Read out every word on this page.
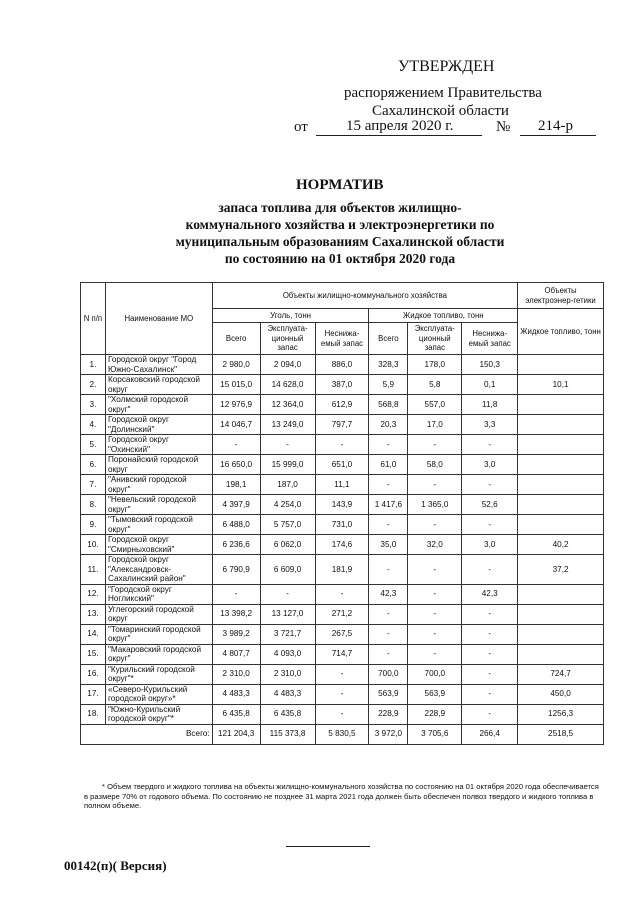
УТВЕРЖДЕН
распоряжением Правительства
Сахалинской области
от	15 апреля 2020 г.	№ 214-р
НОРМАТИВ
запаса топлива для объектов жилищно-
коммунального хозяйства и электроэнергетики по
муниципальным образованиям Сахалинской области
по состоянию на 01 октября 2020 года
N п/п	Наименование МО	Объекты жилищно-коммунального хозяйства						Объекты электроэнер-гетики
		Уголь, тонн			Жидкое топливо, тонн			Жидкое топливо, тонн
		Всего	Эксплуата-ционный запас	Неснижа-емый запас	Всего	Эксплуата-ционный запас	Неснижа-емый запас	
1.	Городской округ "Город Южно-Сахалинск"	2 980,0	2 094,0	886,0	328,3	178,0	150,3	
2.	Корсаковский городской округ	15 015,0	14 628,0	387,0	5,9	5,8	0,1	10,1
3.	"Холмский городской округ"	12 976,9	12 364,0	612,9	568,8	557,0	11,8	
4.	Городской округ "Долинский"	14 046,7	13 249,0	797,7	20,3	17,0	3,3	
5.	Городской округ "Охинский"	-	-	-	-	-	-	
6.	Поронайский городской округ	16 650,0	15 999,0	651,0	61,0	58,0	3,0	
7.	"Анивский городской округ"	198,1	187,0	11,1	-	-	-	
8.	"Невельский городской округ"	4 397,9	4 254,0	143,9	1 417,6	1 365,0	52,6	
9.	"Тымовский городской округ"	6 488,0	5 757,0	731,0	-	-	-	
10.	Городской округ "Смирныховский"	6 236,6	6 062,0	174,6	35,0	32,0	3,0	40,2
11.	Городской округ "Александровск-Сахалинский район"	6 790,9	6 609,0	181,9	-	-	-	37,2
12.	"Городской округ Ногликский"	-	-	-	42,3	-	42,3	
13.	Углегорский городской округ	13 398,2	13 127,0	271,2	-	-	-	
14.	"Томаринский городской округ"	3 989,2	3 721,7	267,5	-	-	-	
15.	"Макаровский городской округ"	4 807,7	4 093,0	714,7	-	-	-	
16.	"Курильский городской округ"*	2 310,0	2 310,0	-	700,0	700,0	-	724,7
17.	«Северо-Курильский городской округ»*	4 483,3	4 483,3	-	563,9	563,9	-	450,0
18.	"Южно-Курильский городской округ"*	6 435,8	6 435,8	-	228,9	228,9	-	1256,3
Всего:		121 204,3	115 373,8	5 830,5	3 972,0	3 705,6	266,4	2518,5
* Объем твердого и жидкого топлива на объекты жилищно-коммунального хозяйства по состоянию на 01 октября 2020 года обеспечивается в размере 70% от годового объема. По состоянию не позднее 31 марта 2021 года должен быть обеспечен полвоз твердого и жидкого топлива в полном объеме.
00142(п)( Версия)
